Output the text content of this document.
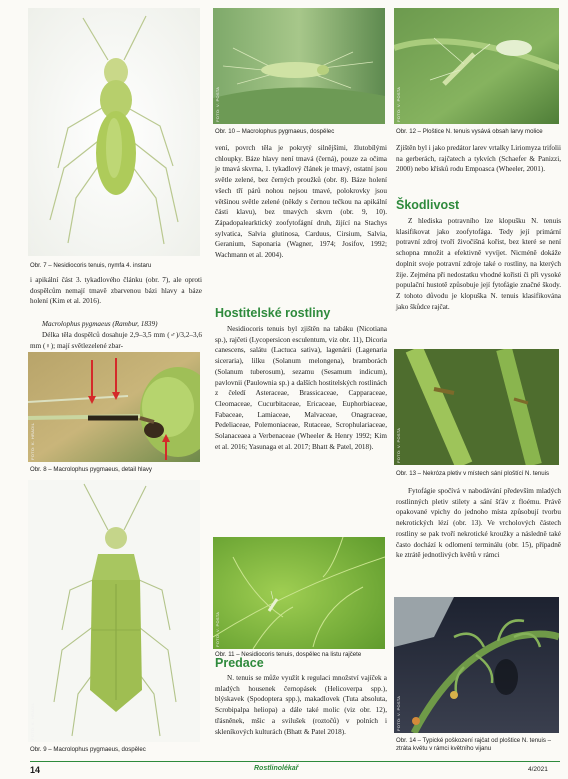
FOTO: K. HRADIL
Obr. 7 – Nesidiocoris tenuis, nymfa 4. instaru

i apikální část 3. tykadlového článku (obr. 7), ale oproti dospělcům nemají tmavě zbarvenou bázi hlavy a báze holení (Kim et al. 2016).

Macrolophus pygmaeus (Rambur, 1839)

Délka těla dospělců dosahuje 2,9–3,5 mm (♂)/3,2–3,6 mm (♀); mají světlezelené zbar-

FOTO: K. HRADIL
Obr. 8 – Macrolophus pygmaeus, detail hlavy
FOTO: K. HRADIL
Obr. 9 – Macrolophus pygmaeus, dospělec
FOTO: V. POSTA
Obr. 10 – Macrolophus pygmaeus, dospělec

vení, povrch těla je pokrytý silnějšími, žlutobílými chloupky. Báze hlavy není tmavá (černá), pouze za očima je tmavá skvrna, 1. tykadlový článek je tmavý, ostatní jsou světle zelené, bez černých proužků (obr. 8). Báze holení všech tří párů nohou nejsou tmavé, polokrovky jsou většinou světle zelené (někdy s černou tečkou na apikální části klavu), bez tmavých skvrn (obr. 9, 10). Západopalearktický zoofytofágní druh, žijící na Stachys sylvatica, Salvia glutinosa, Carduus, Cirsium, Salvia, Geranium, Saponaria (Wagner, 1974; Josifov, 1992; Wachmann et al. 2004).

Hostitelské rostliny

Nesidiocoris tenuis byl zjištěn na tabáku (Nicotiana sp.), rajčeti (Lycopersicon esculentum, viz obr. 11), Dicoria canescens, salátu (Lactuca sativa), lagenárii (Lagenaria siceraria), lilku (Solanum melongena), bramborách (Solanum tuberosum), sezamu (Sesamum indicum), pavlovnii (Paulownia sp.) a dalších hostitelských rostlinách z čeledí Asteraceae, Brassicaceae, Capparaceae, Cleomaceae, Cucurbitaceae, Ericaceae, Euphorbiaceae, Fabaceae, Lamiaceae, Malvaceae, Onagraceae, Pedeliaceae, Polemoniaceae, Rutaceae, Scrophulariaceae, Solanaceaea a Verbenaceae (Wheeler & Henry 1992; Kim et al. 2016; Yasunaga et al. 2017; Bhatt & Patel, 2018).

FOTO: V. POSTA
Obr. 11 – Nesidiocoris tenuis, dospělec na listu rajčete
Predace

N. tenuis se může využít k regulaci množství vajíček a mladých housenek černopásek (Helicoverpa spp.), blýskavek (Spodoptera spp.), makadlovek (Tuta absoluta, Scrobipalpa heliopa) a dále také molic (viz obr. 12), třásněnek, mšic a svilušek (roztočů) v polních i skleníkových kulturách (Bhatt & Patel 2018).

FOTO: V. POSTA
Obr. 12 – Ploštice N. tenuis vysává obsah larvy molice

Zjištěn byl i jako predátor larev vrtalky Liriomyza trifolii na gerberách, rajčatech a tykvích (Schaefer & Panizzi, 2000) nebo křísků rodu Empoasca (Wheeler, 2001).

Škodlivost

Z hlediska potravního lze klopušku N. tenuis klasifikovat jako zoofytofága. Tedy její primární potravní zdroj tvoří živočišná kořist, bez které se není schopna množit a efektivně vyvíjet. Nicméně dokáže doplnit svoje potravní zdroje také o rostliny, na kterých žije. Zejména při nedostatku vhodné kořisti či při vysoké populační hustotě způsobuje její fytofágie značné škody. Z tohoto důvodu je klopuška N. tenuis klasifikována jako škůdce rajčat.

FOTO: V. POSTA
Obr. 13 – Nekróza pletiv v místech sání ploštící N. tenuis

Fytofágie spočívá v nabodávání především mladých rostlinných pletiv stilety a sání šťáv z floému. Právě opakované vpichy do jednoho místa způsobují tvorbu nekrotických lézí (obr. 13). Ve vrcholových částech rostliny se pak tvoří nekrotické kroužky a následně také často dochází k odlomení terminálu (obr. 15), případně ke ztrátě jednotlivých květů v rámci

FOTO: V. POSTA
Obr. 14 – Typické poškození rajčat od ploštice N. tenuis – ztráta květu v rámci květního vijanu
14	Rostlinolékař	4/2021
